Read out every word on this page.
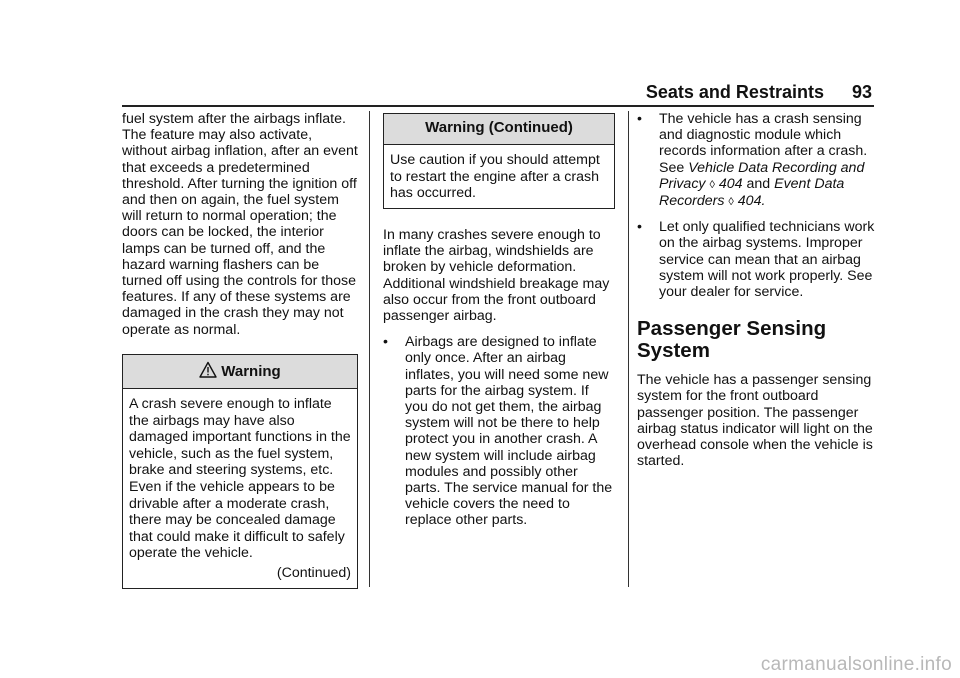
Seats and Restraints 93

fuel system after the airbags inflate. The feature may also activate, without airbag inflation, after an event that exceeds a predetermined threshold. After turning the ignition off and then on again, the fuel system will return to normal operation; the doors can be locked, the interior lamps can be turned off, and the hazard warning flashers can be turned off using the controls for those features. If any of these systems are damaged in the crash they may not operate as normal.

Warning

A crash severe enough to inflate the airbags may have also damaged important functions in the vehicle, such as the fuel system, brake and steering systems, etc. Even if the vehicle appears to be drivable after a moderate crash, there may be concealed damage that could make it difficult to safely operate the vehicle.

(Continued)

Warning (Continued)

Use caution if you should attempt to restart the engine after a crash has occurred.

In many crashes severe enough to inflate the airbag, windshields are broken by vehicle deformation. Additional windshield breakage may also occur from the front outboard passenger airbag.

•	Airbags are designed to inflate only once. After an airbag inflates, you will need some new parts for the airbag system. If you do not get them, the airbag system will not be there to help protect you in another crash. A new system will include airbag modules and possibly other parts. The service manual for the vehicle covers the need to replace other parts.
•	The vehicle has a crash sensing and diagnostic module which records information after a crash. See Vehicle Data Recording and Privacy ◊ 404 and Event Data Recorders ◊ 404.
•	Let only qualified technicians work on the airbag systems. Improper service can mean that an airbag system will not work properly. See your dealer for service.
Passenger Sensing System

The vehicle has a passenger sensing system for the front outboard passenger position. The passenger airbag status indicator will light on the overhead console when the vehicle is started.

carmanualsonline.info
